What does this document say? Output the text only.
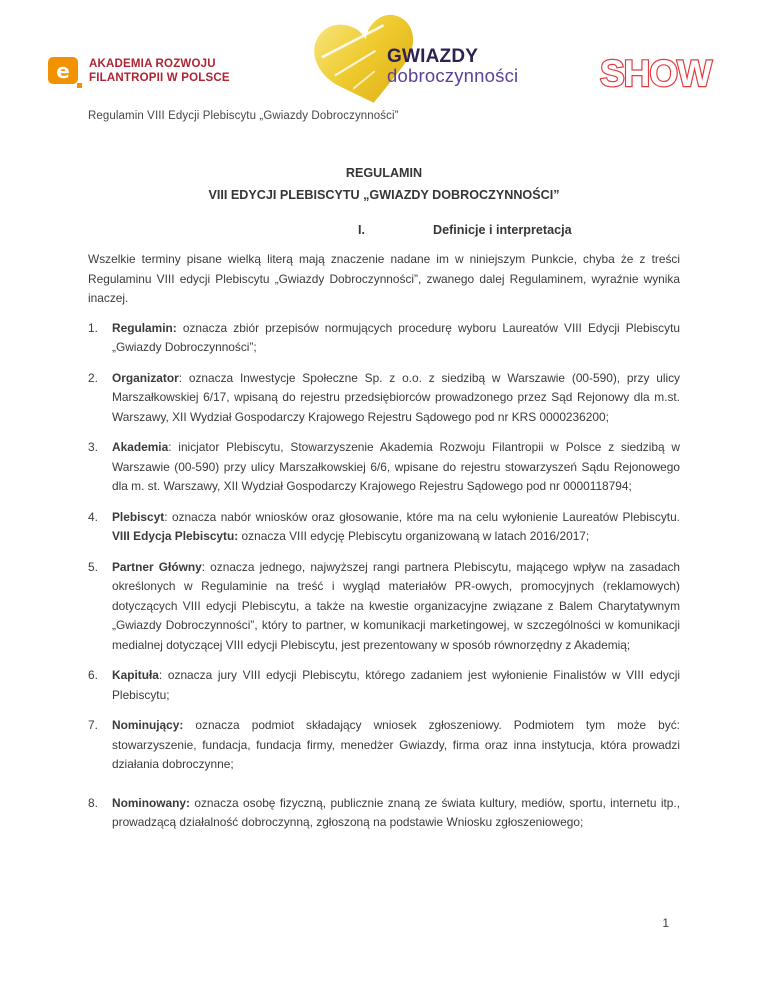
e AKADEMIA ROZWOJU
FILANTROPII W POLSCE
GWIAZDY
dobroczynności SHOW
Regulamin VIII Edycji Plebiscytu „Gwiazdy Dobroczynności”
REGULAMIN
VIII EDYCJI PLEBISCYTU „GWIAZDY DOBROCZYNNOŚCI”
I.	Definicje i interpretacja

Wszelkie terminy pisane wielką literą mają znaczenie nadane im w niniejszym Punkcie, chyba że z treści Regulaminu VIII edycji Plebiscytu „Gwiazdy Dobroczynności”, zwanego dalej Regulaminem, wyraźnie wynika inaczej.

1.	Regulamin: oznacza zbiór przepisów normujących procedurę wyboru Laureatów VIII Edycji Plebiscytu „Gwiazdy Dobroczynności”;
2.	Organizator: oznacza Inwestycje Społeczne Sp. z o.o. z siedzibą w Warszawie (00-590), przy ulicy Marszałkowskiej 6/17, wpisaną do rejestru przedsiębiorców prowadzonego przez Sąd Rejonowy dla m.st. Warszawy, XII Wydział Gospodarczy Krajowego Rejestru Sądowego pod nr KRS 0000236200;
3.	Akademia: inicjator Plebiscytu, Stowarzyszenie Akademia Rozwoju Filantropii w Polsce z siedzibą w Warszawie (00-590) przy ulicy Marszałkowskiej 6/6, wpisane do rejestru stowarzyszeń Sądu Rejonowego dla m. st. Warszawy, XII Wydział Gospodarczy Krajowego Rejestru Sądowego pod nr 0000118794;
4.	Plebiscyt: oznacza nabór wniosków oraz głosowanie, które ma na celu wyłonienie Laureatów Plebiscytu. VIII Edycja Plebiscytu: oznacza VIII edycję Plebiscytu organizowaną w latach 2016/2017;
5.	Partner Główny: oznacza jednego, najwyższej rangi partnera Plebiscytu, mającego wpływ na zasadach określonych w Regulaminie na treść i wygląd materiałów PR-owych, promocyjnych (reklamowych) dotyczących VIII edycji Plebiscytu, a także na kwestie organizacyjne związane z Balem Charytatywnym „Gwiazdy Dobroczynności”, który to partner, w komunikacji marketingowej, w szczególności w komunikacji medialnej dotyczącej VIII edycji Plebiscytu, jest prezentowany w sposób równorzędny z Akademią;
6.	Kapituła: oznacza jury VIII edycji Plebiscytu, którego zadaniem jest wyłonienie Finalistów w VIII edycji Plebiscytu;
7.	Nominujący: oznacza podmiot składający wniosek zgłoszeniowy. Podmiotem tym może być: stowarzyszenie, fundacja, fundacja firmy, menedżer Gwiazdy, firma oraz inna instytucja, która prowadzi działania dobroczynne;
8.	Nominowany: oznacza osobę fizyczną, publicznie znaną ze świata kultury, mediów, sportu, internetu itp., prowadzącą działalność dobroczynną, zgłoszoną na podstawie Wniosku zgłoszeniowego;
1
